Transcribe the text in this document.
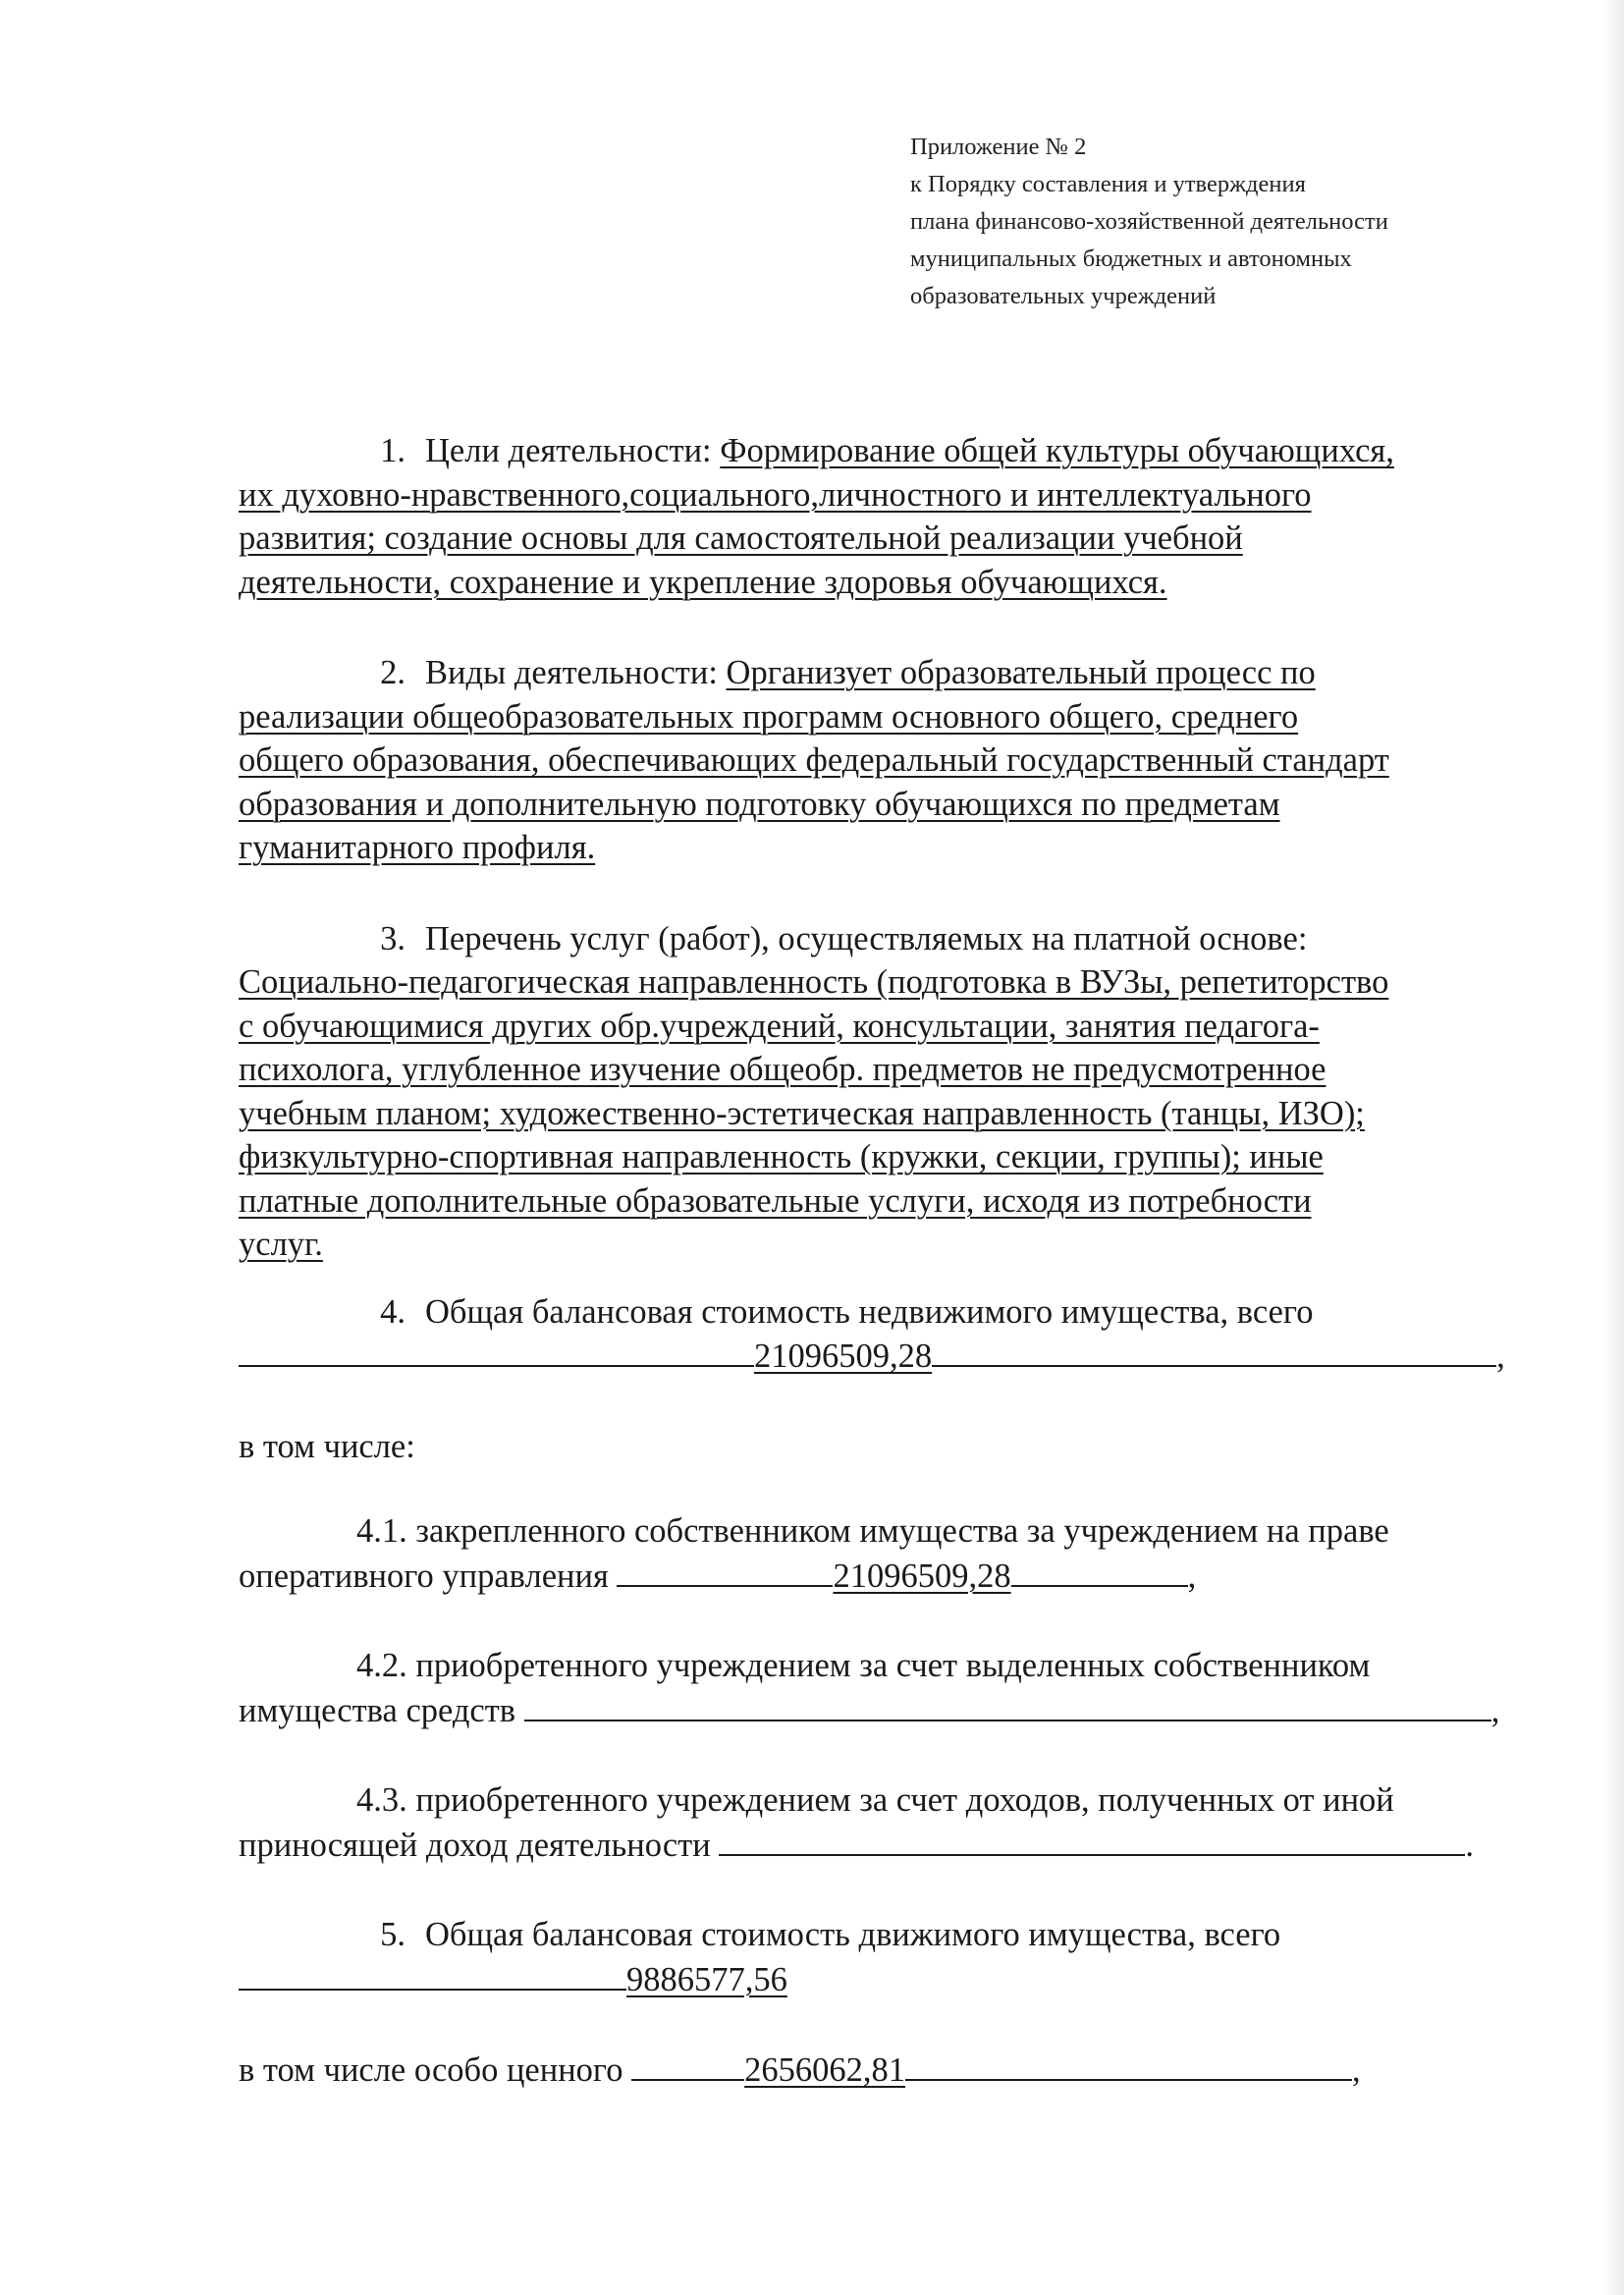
Приложение № 2
к Порядку составления и утверждения
плана финансово-хозяйственной деятельности
муниципальных бюджетных и автономных
образовательных учреждений
1. Цели деятельности: Формирование общей культуры обучающихся,
их духовно-нравственного,социального,личностного и интеллектуального
развития; создание основы для самостоятельной реализации учебной
деятельности, сохранение и укрепление здоровья обучающихся.
2. Виды деятельности: Организует образовательный процесс по
реализации общеобразовательных программ основного общего, среднего
общего образования, обеспечивающих федеральный государственный стандарт
образования и дополнительную подготовку обучающихся по предметам
гуманитарного профиля.
3. Перечень услуг (работ), осуществляемых на платной основе:
Социально-педагогическая направленность (подготовка в ВУЗы, репетиторство
с обучающимися других обр.учреждений, консультации, занятия педагога-
психолога, углубленное изучение общеобр. предметов не предусмотренное
учебным планом; художественно-эстетическая направленность (танцы, ИЗО);
физкультурно-спортивная направленность (кружки, секции, группы); иные
платные дополнительные образовательные услуги, исходя из потребности
услуг.
4. Общая балансовая стоимость недвижимого имущества, всего
21096509,28	,
в том числе:
4.1. закрепленного собственником имущества за учреждением на праве
оперативного управления	21096509,28	,
4.2. приобретенного учреждением за счет выделенных собственником
имущества средств	,
4.3. приобретенного учреждением за счет доходов, полученных от иной
приносящей доход деятельности	.
5. Общая балансовая стоимость движимого имущества, всего
9886577,56
в том числе особо ценного	2656062,81	,
